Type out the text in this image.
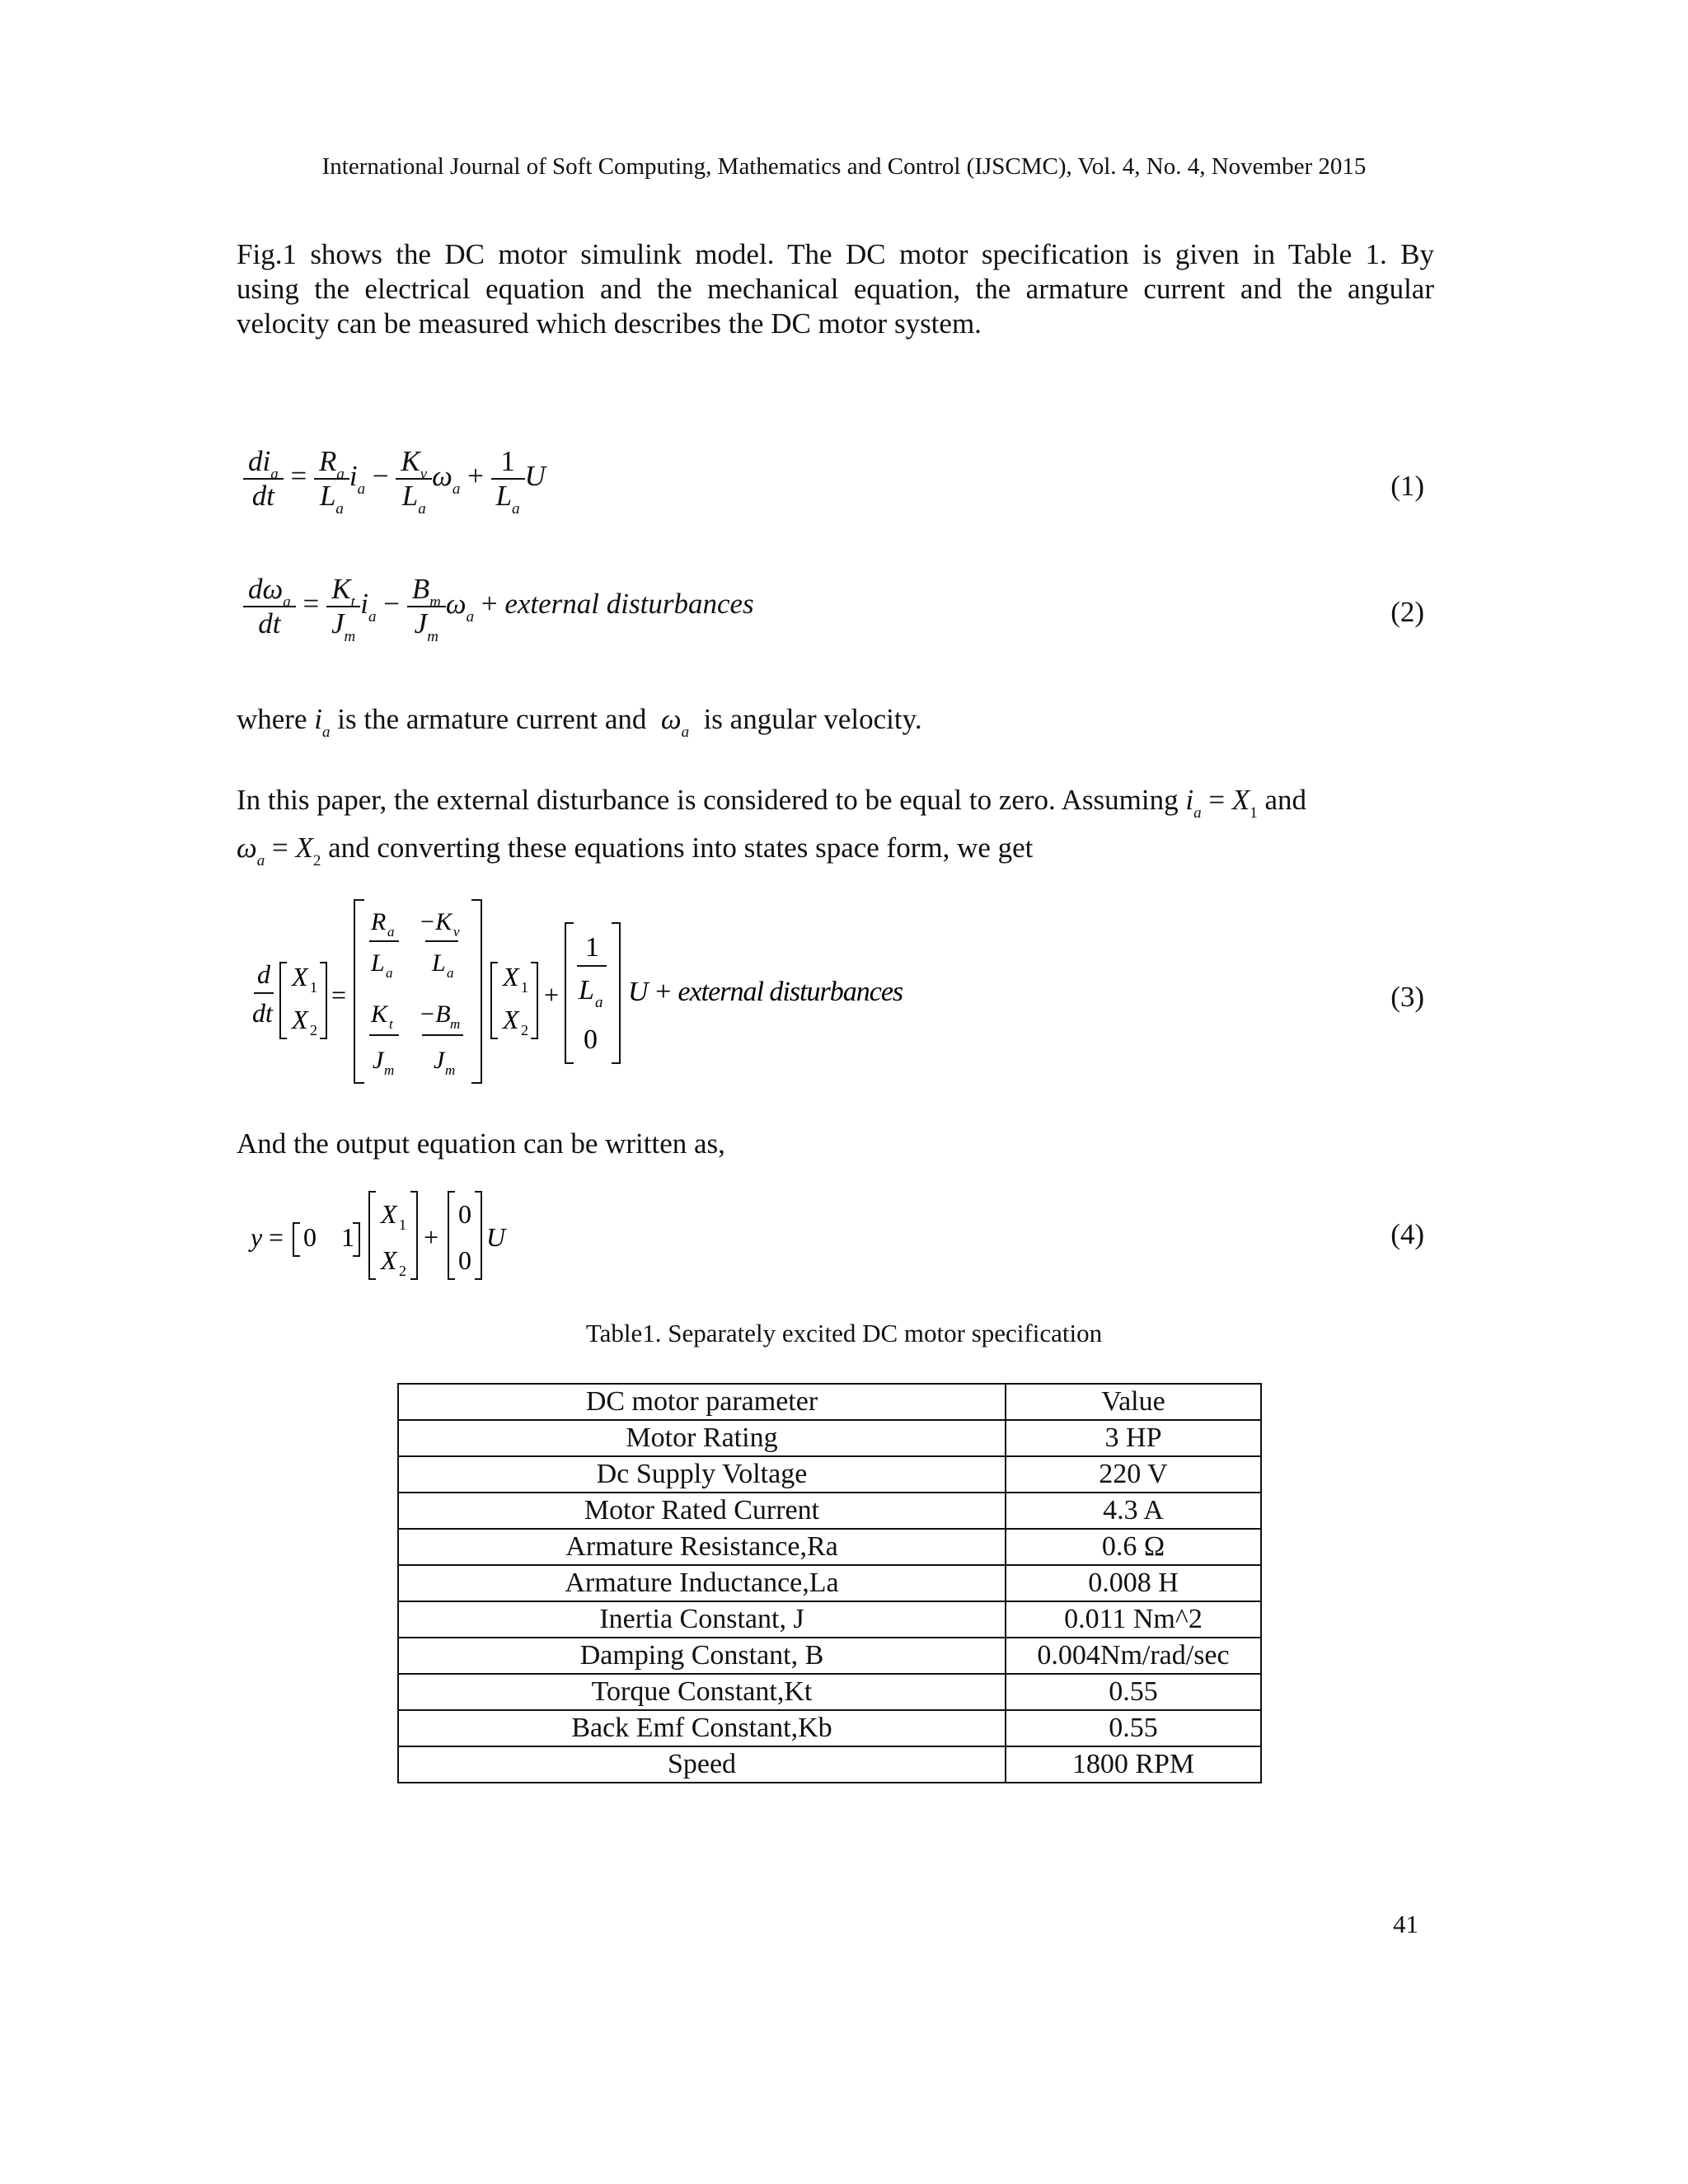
International Journal of Soft Computing, Mathematics and Control (IJSCMC), Vol. 4, No. 4, November 2015
Fig.1 shows the DC motor simulink model. The DC motor specification is given in Table 1. By
using the electrical equation and the mechanical equation, the armature current and the angular
velocity can be measured which describes the DC motor system.
$\frac{di_a}{dt} = \frac{R_a}{L_a} i_a - \frac{K_v}{L_a} \omega_a + \frac{1}{L_a}$ U	(1)
$\frac{d\omega_a}{dt} = \frac{K_t}{J_m} i_a - \frac{B_m}{J_m} \omega_a$ + external disturbances	(2)
where $i_a$ is the armature current and  $\omega_a$ is angular velocity.
In this paper, the external disturbance is considered to be equal to zero. Assuming $i_a = X_1$ and
$\omega_a = X_2$ and converting these equations into states space form, we get
d
dt
X 1
X 2
=
R a
L a
−K v
L a
K t
J m
−B m
J m
X 1
X 2
+
1
L a
0
U + external disturbances	(3)
And the output equation can be written as,
y = 0 1
X 1
X 2
+
0
0
U	(4)
Table1. Separately excited DC motor specification
DC motor parameter	Value
Motor Rating	3 HP
Dc Supply Voltage	220 V
Motor Rated Current	4.3 A
Armature Resistance,Ra	0.6 Ω
Armature Inductance,La	0.008 H
Inertia Constant, J	0.011 Nm^2
Damping Constant, B	0.004Nm/rad/sec
Torque Constant,Kt	0.55
Back Emf Constant,Kb	0.55
Speed	1800 RPM
41
